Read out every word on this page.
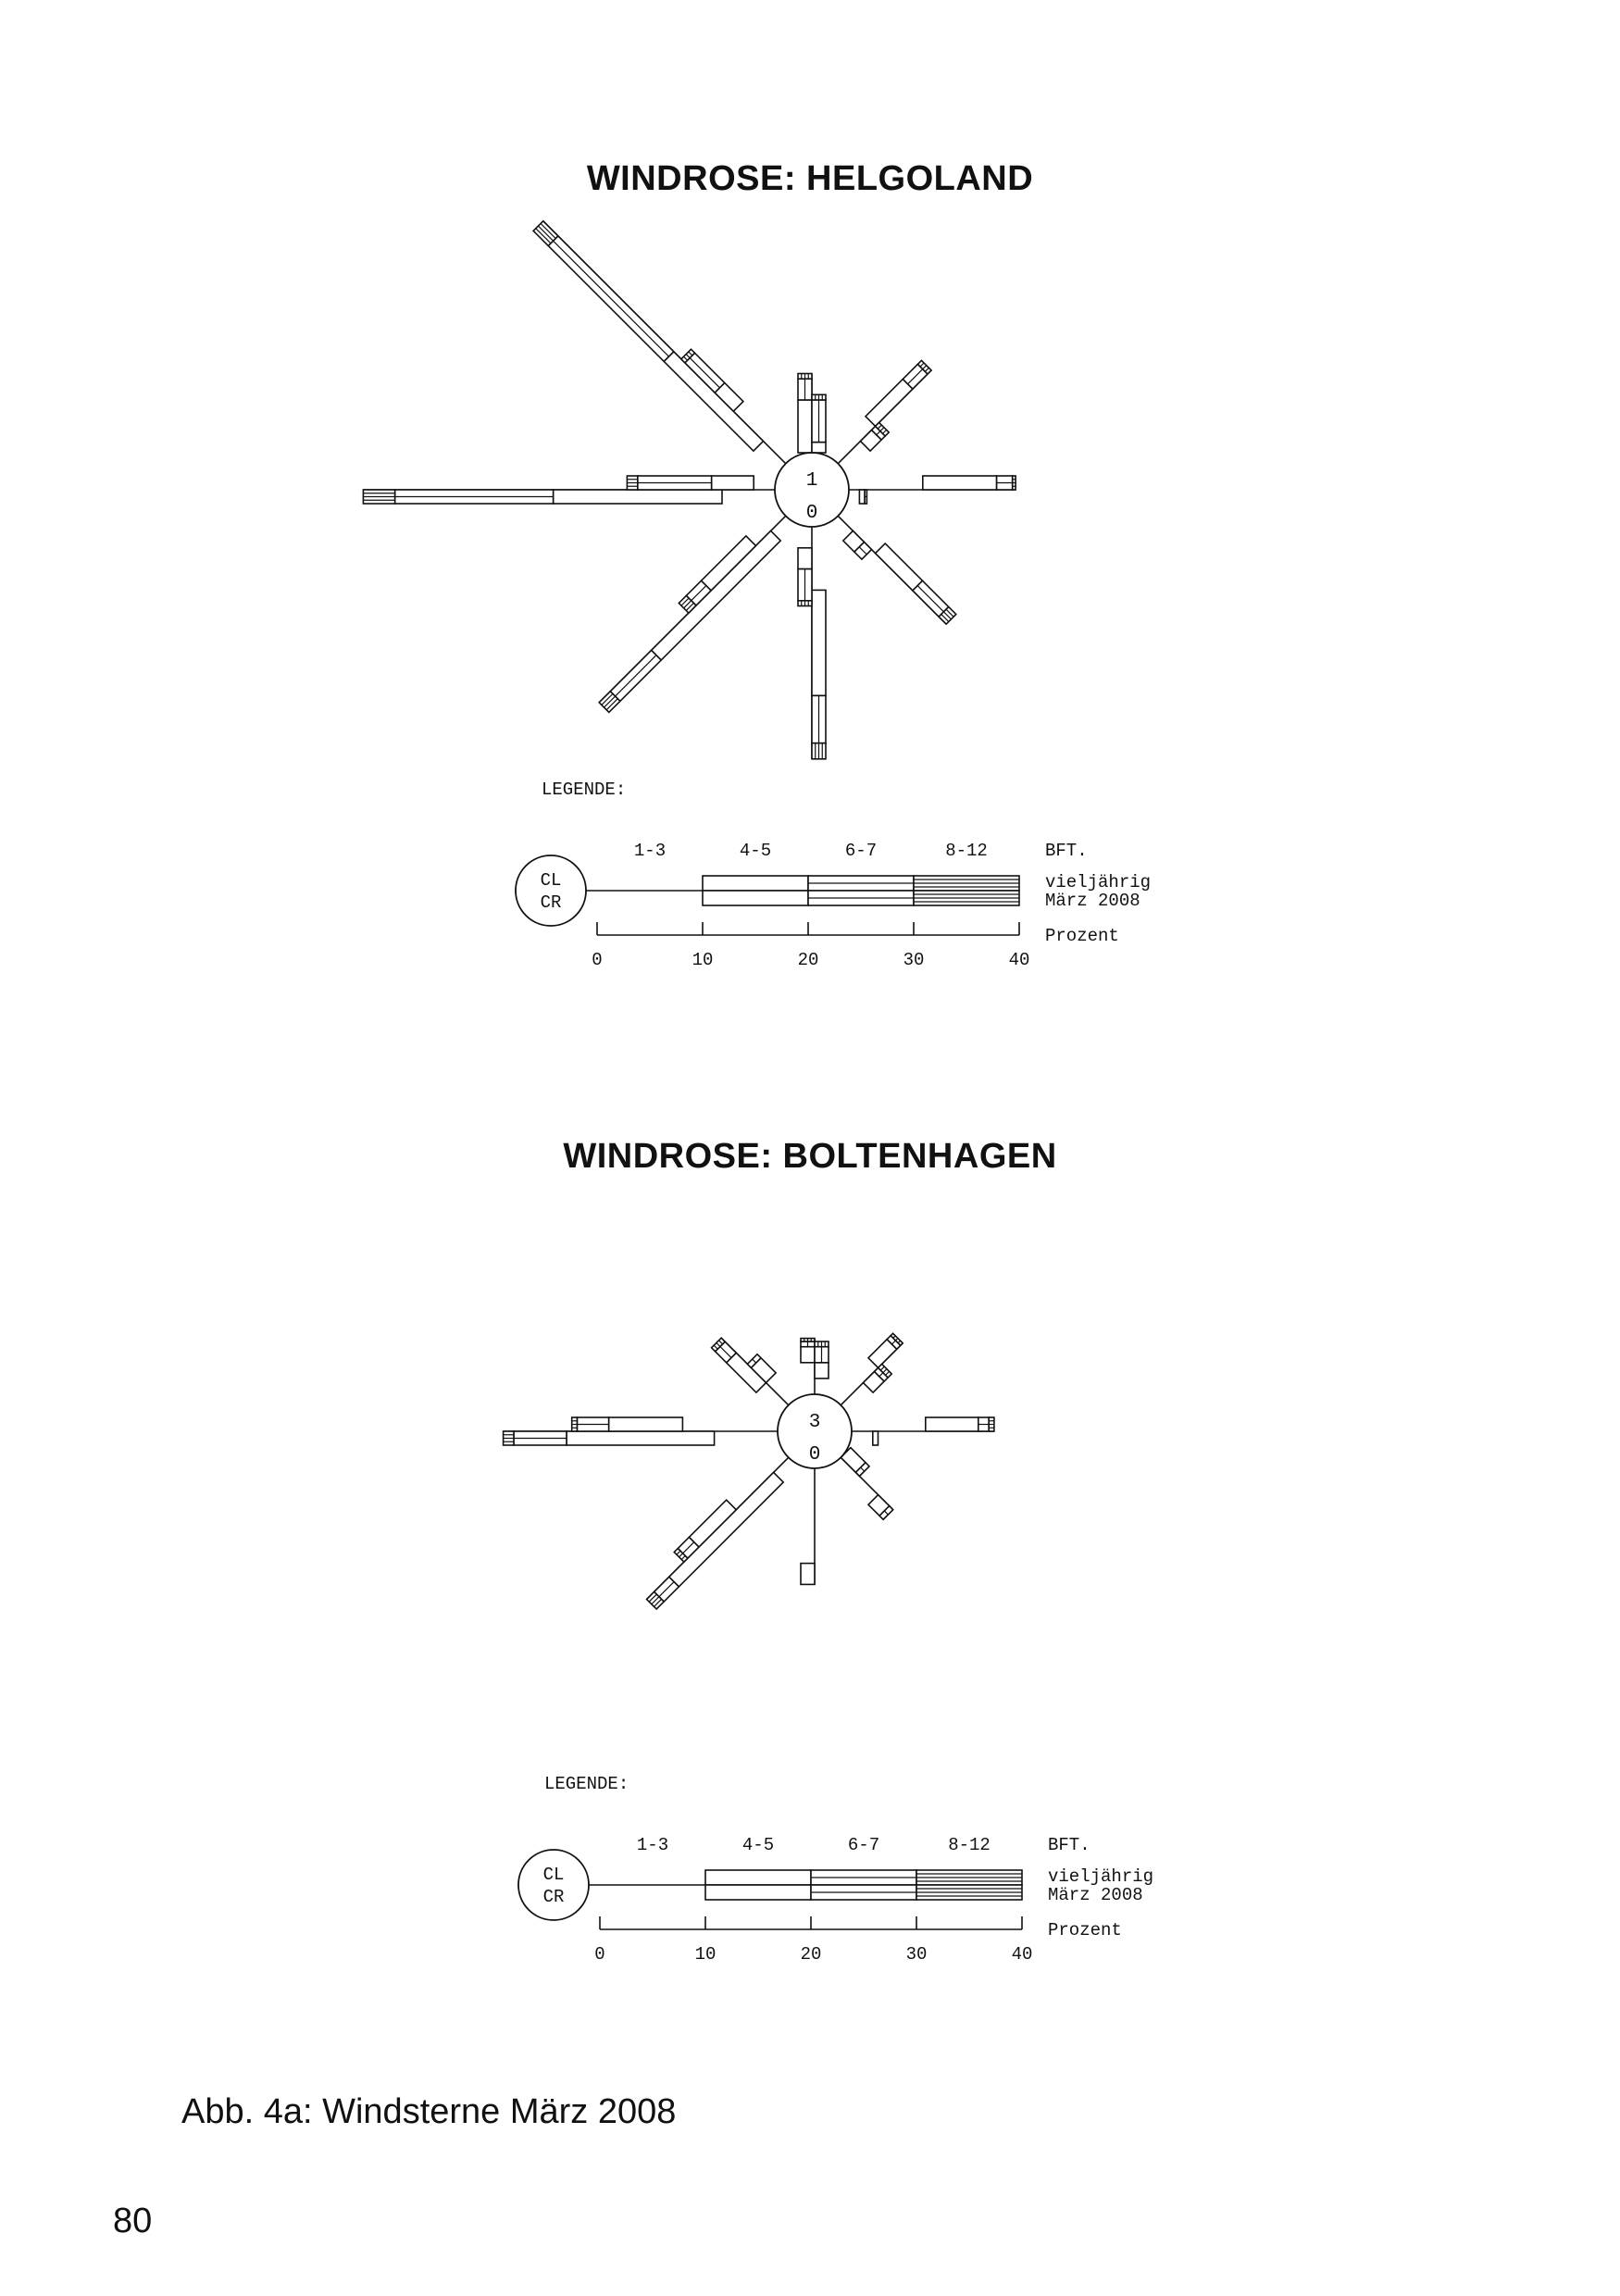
WINDROSE: HELGOLAND
1
0
LEGENDE:
CL
CR
1-3	4-5	6-7	8-12	BFT.
vieljährig
März 2008
0	10	20	30	40
Prozent
WINDROSE: BOLTENHAGEN
3
0
LEGENDE:
CL
CR
1-3	4-5	6-7	8-12	BFT.
vieljährig
März 2008
0	10	20	30	40
Prozent
Abb. 4a: Windsterne März 2008
80
